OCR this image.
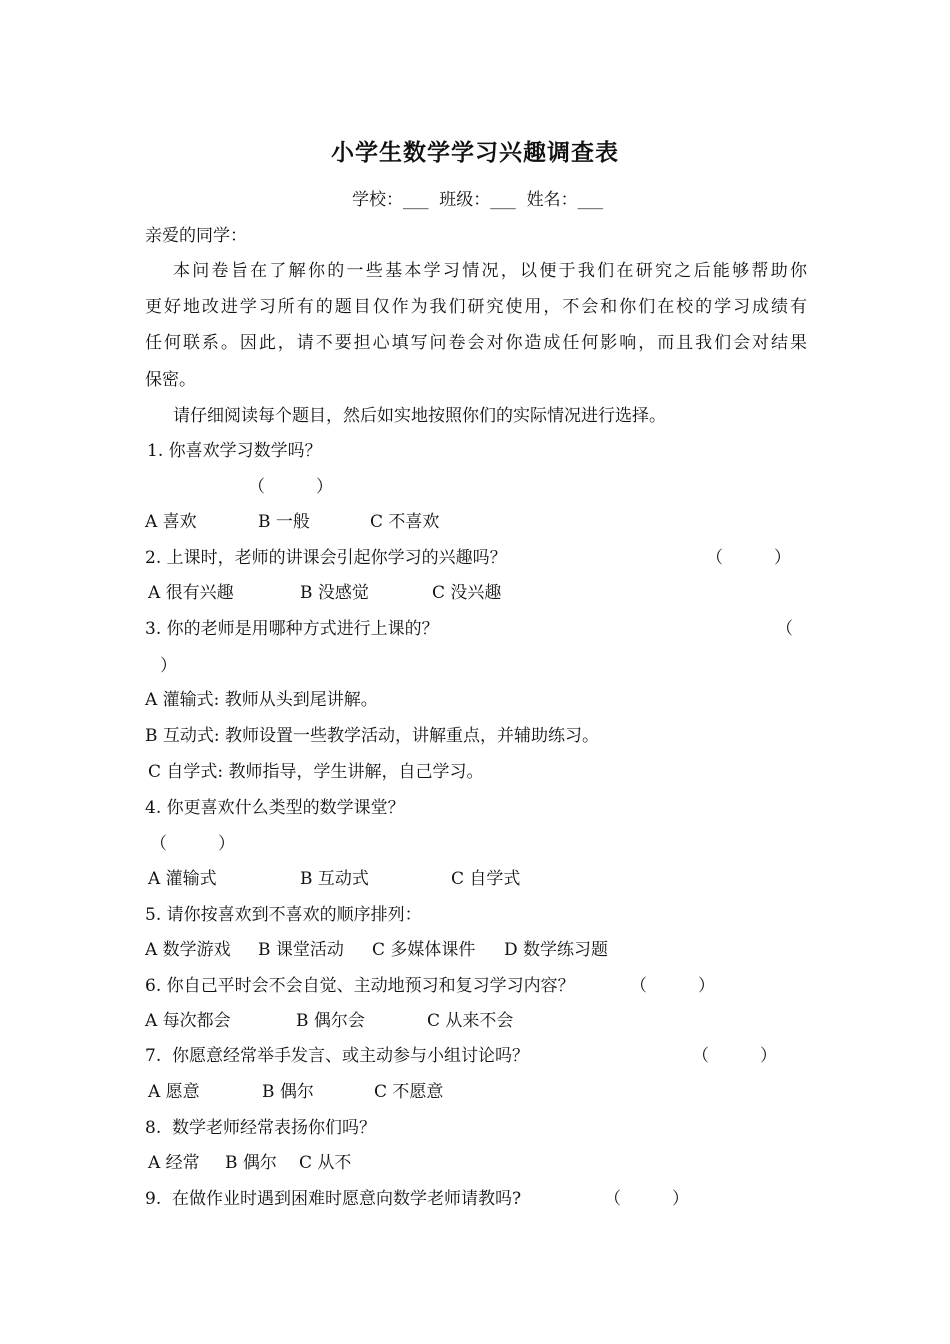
小学生数学学习兴趣调查表
学校：___  班级：___  姓名：___
亲爱的同学：
本问卷旨在了解你的一些基本学习情况，以便于我们在研究之后能够帮助你
更好地改进学习所有的题目仅作为我们研究使用，不会和你们在校的学习成绩有
任何联系。因此，请不要担心填写问卷会对你造成任何影响，而且我们会对结果
保密。
请仔细阅读每个题目，然后如实地按照你们的实际情况进行选择。
1. 你喜欢学习数学吗？
（　　　）
A 喜欢	B 一般	C 不喜欢
2. 上课时，老师的讲课会引起你学习的兴趣吗？	（　　　）
A 很有兴趣	B 没感觉	C 没兴趣
3. 你的老师是用哪种方式进行上课的？	（
）
A 灌输式: 教师从头到尾讲解。
B 互动式: 教师设置一些教学活动，讲解重点，并辅助练习。
C 自学式: 教师指导，学生讲解，自己学习。
4. 你更喜欢什么类型的数学课堂？
（　　　）
A 灌输式	B 互动式	C 自学式
5. 请你按喜欢到不喜欢的顺序排列：
A 数学游戏 B 课堂活动 C 多媒体课件 D 数学练习题
6. 你自己平时会不会自觉、主动地预习和复习学习内容？	（　　　）
A 每次都会	B 偶尔会	C 从来不会
7.  你愿意经常举手发言、或主动参与小组讨论吗？	（　　　）
A 愿意	B 偶尔	C 不愿意
8.  数学老师经常表扬你们吗？
A 经常 B 偶尔 C 从不
9.  在做作业时遇到困难时愿意向数学老师请教吗?	（　　　）
